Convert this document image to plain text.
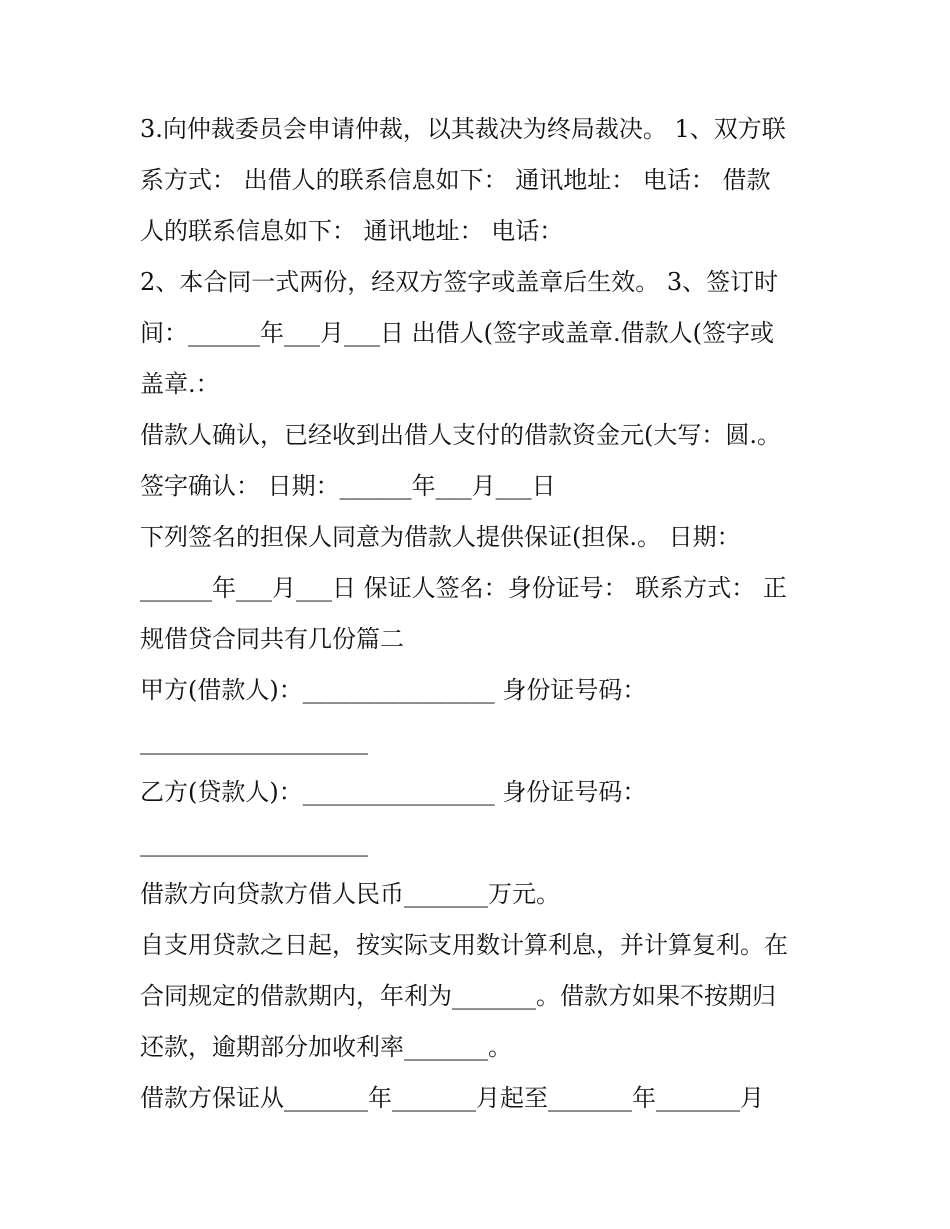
3.向仲裁委员会申请仲裁，以其裁决为终局裁决。 1、双方联
系方式： 出借人的联系信息如下： 通讯地址： 电话： 借款
人的联系信息如下： 通讯地址： 电话：
2、本合同一式两份，经双方签字或盖章后生效。 3、签订时
间：______年___月___日 出借人(签字或盖章.借款人(签字或
盖章.：
借款人确认，已经收到出借人支付的借款资金元(大写：圆.。
签字确认： 日期：______年___月___日
下列签名的担保人同意为借款人提供保证(担保.。 日期：
______年___月___日 保证人签名：身份证号： 联系方式： 正
规借贷合同共有几份篇二
甲方(借款人)：________________ 身份证号码：
___________________
乙方(贷款人)：________________ 身份证号码：
___________________
借款方向贷款方借人民币_______万元。
自支用贷款之日起，按实际支用数计算利息，并计算复利。在
合同规定的借款期内，年利为_______。借款方如果不按期归
还款，逾期部分加收利率_______。
借款方保证从_______年_______月起至_______年_______月
